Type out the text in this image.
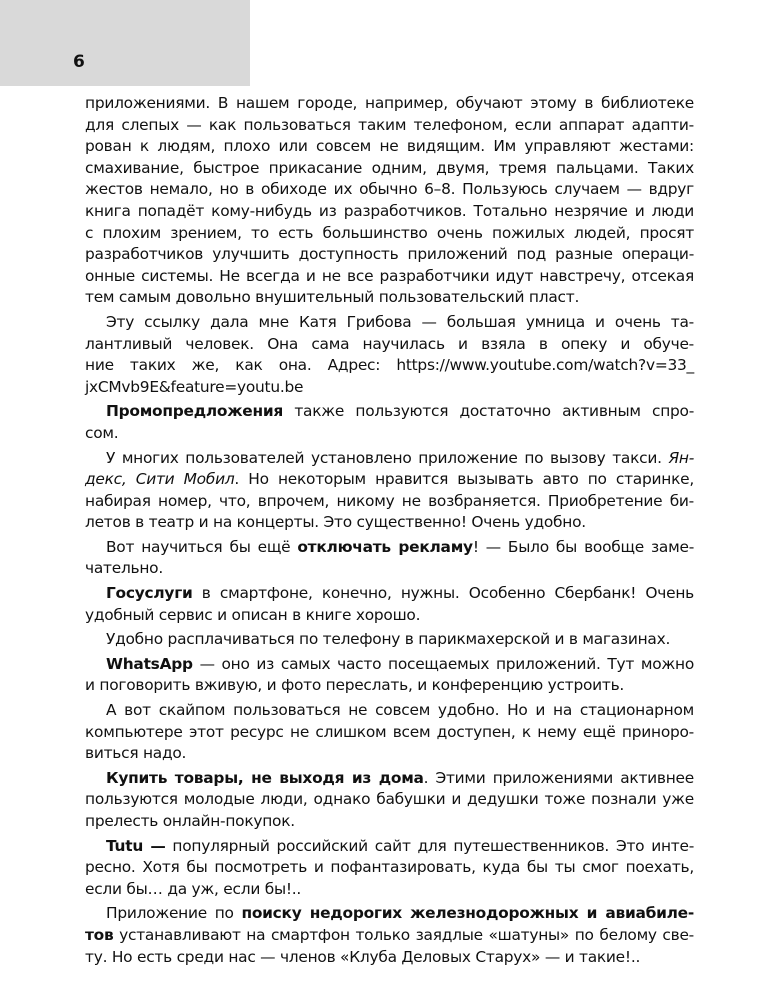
6
приложениями. В нашем городе, например, обучают этому в библиотеке
для слепых — как пользоваться таким телефоном, если аппарат адапти-
рован к людям, плохо или совсем не видящим. Им управляют жестами:
смахивание, быстрое прикасание одним, двумя, тремя пальцами. Таких
жестов немало, но в обиходе их обычно 6–8. Пользуюсь случаем — вдруг
книга попадёт кому-нибудь из разработчиков. Тотально незрячие и люди
с плохим зрением, то есть большинство очень пожилых людей, просят
разработчиков улучшить доступность приложений под разные операци-
онные системы. Не всегда и не все разработчики идут навстречу, отсекая
тем самым довольно внушительный пользовательский пласт.
Эту ссылку дала мне Катя Грибова — большая умница и очень та-
лантливый человек. Она сама научилась и взяла в опеку и обуче-
ние таких же, как она. Адрес: https://www.youtube.com/watch?v=33_
jxCMvb9E&feature=youtu.be
Промопредложения также пользуются достаточно активным спро-
сом.
У многих пользователей установлено приложение по вызову такси. Ян-
декс, Сити Мобил. Но некоторым нравится вызывать авто по старинке,
набирая номер, что, впрочем, никому не возбраняется. Приобретение би-
летов в театр и на концерты. Это существенно! Очень удобно.
Вот научиться бы ещё отключать рекламу! — Было бы вообще заме-
чательно.
Госуслуги в смартфоне, конечно, нужны. Особенно Сбербанк! Очень
удобный сервис и описан в книге хорошо.
Удобно расплачиваться по телефону в парикмахерской и в магазинах.
WhatsApp — оно из самых часто посещаемых приложений. Тут можно
и поговорить вживую, и фото переслать, и конференцию устроить.
А вот скайпом пользоваться не совсем удобно. Но и на стационарном
компьютере этот ресурс не слишком всем доступен, к нему ещё приноро-
виться надо.
Купить товары, не выходя из дома. Этими приложениями активнее
пользуются молодые люди, однако бабушки и дедушки тоже познали уже
прелесть онлайн-покупок.
Tutu — популярный российский сайт для путешественников. Это инте-
ресно. Хотя бы посмотреть и пофантазировать, куда бы ты смог поехать,
если бы… да уж, если бы!..
Приложение по поиску недорогих железнодорожных и авиабиле-
тов устанавливают на смартфон только заядлые «шатуны» по белому све-
ту. Но есть среди нас — членов «Клуба Деловых Старух» — и такие!..
